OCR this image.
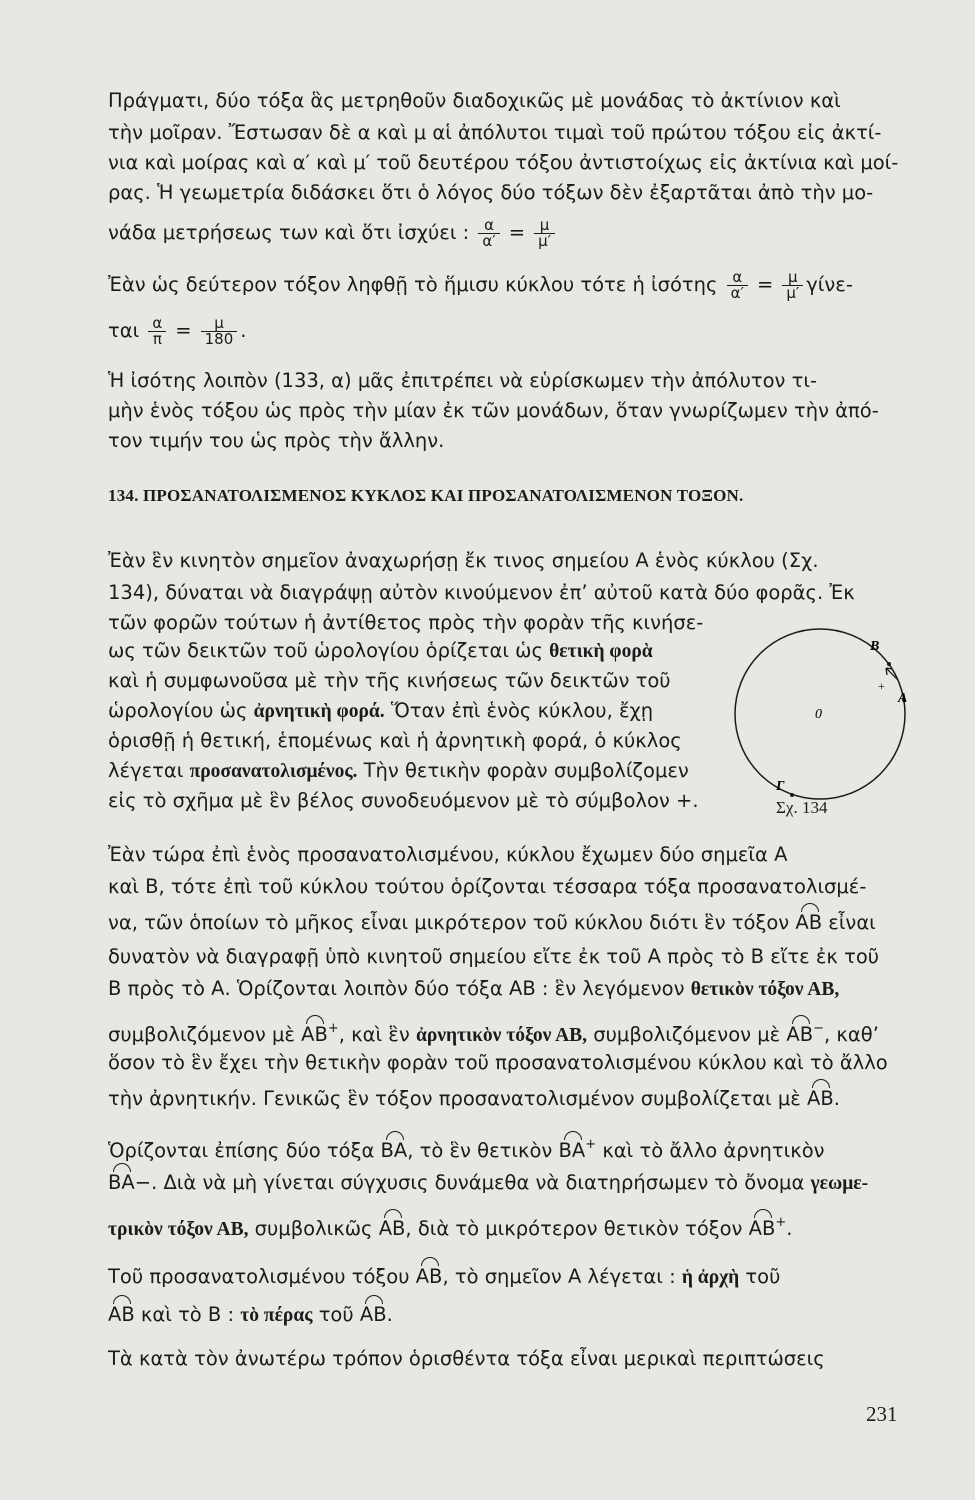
Πράγματι, δύο τόξα ἃς μετρηθοῦν διαδοχικῶς μὲ μονάδας τὸ ἀκτίνιον καὶ
τὴν μοῖραν. Ἔστωσαν δὲ α καὶ μ αἱ ἀπόλυτοι τιμαὶ τοῦ πρώτου τόξου εἰς ἀκτί-
νια καὶ μοίρας καὶ α′ καὶ μ′ τοῦ δευτέρου τόξου ἀντιστοίχως εἰς ἀκτίνια καὶ μοί-
ρας. Ἡ γεωμετρία διδάσκει ὅτι ὁ λόγος δύο τόξων δὲν ἐξαρτᾶται ἀπὸ τὴν μο-
νάδα μετρήσεως των καὶ ὅτι ἰσχύει : $\frac{\alpha}{\alpha'} = \frac{\mu}{\mu'}$
Ἐὰν ὡς δεύτερον τόξον ληφθῇ τὸ ἥμισυ κύκλου τότε ἡ ἰσότης $\frac{\alpha}{\alpha'} = \frac{\mu}{\mu'} \gamma ί\nu\varepsilon-$
ται $\frac{\alpha}{\pi} = \frac{\mu}{180}$ .
Ἡ ἰσότης λοιπὸν (133, α) μᾶς ἐπιτρέπει νὰ εὑρίσκωμεν τὴν ἀπόλυτον τι-
μὴν ἑνὸς τόξου ὡς πρὸς τὴν μίαν ἐκ τῶν μονάδων, ὅταν γνωρίζωμεν τὴν ἀπό-
τον τιμήν του ὡς πρὸς τὴν ἄλλην.
134. ΠΡΟΣΑΝΑΤΟΛΙΣΜΕΝΟΣ ΚΥΚΛΟΣ ΚΑΙ ΠΡΟΣΑΝΑΤΟΛΙΣΜΕΝΟΝ ΤΟΞΟΝ.
Ἐὰν ἓν κινητὸν σημεῖον ἀναχωρήσῃ ἔκ τινος σημείου Α ἑνὸς κύκλου (Σχ.
134), δύναται νὰ διαγράψῃ αὐτὸν κινούμενον ἐπ’ αὐτοῦ κατὰ δύο φορᾶς. Ἐκ
τῶν φορῶν τούτων ἡ ἀντίθετος πρὸς τὴν φορὰν τῆς κινήσε-
ως τῶν δεικτῶν τοῦ ὡρολογίου ὁρίζεται ὡς θετικὴ φορὰ
καὶ ἡ συμφωνοῦσα μὲ τὴν τῆς κινήσεως τῶν δεικτῶν τοῦ
ὡρολογίου ὡς ἀρνητικὴ φορά. Ὅταν ἐπὶ ἑνὸς κύκλου, ἔχῃ
ὁρισθῇ ἡ θετική, ἑπομένως καὶ ἡ ἀρνητικὴ φορά, ὁ κύκλος
λέγεται προσανατολισμένος. Τὴν θετικὴν φορὰν συμβολίζομεν
εἰς τὸ σχῆμα μὲ ἓν βέλος συνοδευόμενον μὲ τὸ σύμβολον +.
+
Β
Α
Γ
0
Σχ. 134
Ἐὰν τώρα ἐπὶ ἑνὸς προσανατολισμένου, κύκλου ἔχωμεν δύο σημεῖα Α
καὶ Β, τότε ἐπὶ τοῦ κύκλου τούτου ὁρίζονται τέσσαρα τόξα προσανατολισμέ-
να, τῶν ὁποίων τὸ μῆκος εἶναι μικρότερον τοῦ κύκλου διότι ἓν τόξον ΑΒ εἶναι
δυνατὸν νὰ διαγραφῇ ὑπὸ κινητοῦ σημείου εἴτε ἐκ τοῦ Α πρὸς τὸ Β εἴτε ἐκ τοῦ
Β πρὸς τὸ Α. Ὁρίζονται λοιπὸν δύο τόξα ΑΒ : ἓν λεγόμενον θετικὸν τόξον ΑΒ,
συμβολιζόμενον μὲ ΑΒ+, καὶ ἓν ἀρνητικὸν τόξον ΑΒ, συμβολιζόμενον μὲ ΑΒ−, καθ’
ὅσον τὸ ἓν ἔχει τὴν θετικὴν φορὰν τοῦ προσανατολισμένου κύκλου καὶ τὸ ἄλλο
τὴν ἀρνητικήν. Γενικῶς ἓν τόξον προσανατολισμένον συμβολίζεται μὲ ΑΒ.
Ὁρίζονται ἐπίσης δύο τόξα ΒΑ, τὸ ἓν θετικὸν ΒΑ+ καὶ τὸ ἄλλο ἀρνητικὸν
ΒΑ−. Διὰ νὰ μὴ γίνεται σύγχυσις δυνάμεθα νὰ διατηρήσωμεν τὸ ὄνομα γεωμε-
τρικὸν τόξον ΑΒ, συμβολικῶς ΑΒ, διὰ τὸ μικρότερον θετικὸν τόξον ΑΒ+.
Τοῦ προσανατολισμένου τόξου ΑΒ, τὸ σημεῖον Α λέγεται : ἡ ἀρχὴ τοῦ
ΑΒ καὶ τὸ Β : τὸ πέρας τοῦ ΑΒ.
Τὰ κατὰ τὸν ἀνωτέρω τρόπον ὁρισθέντα τόξα εἶναι μερικαὶ περιπτώσεις
231
